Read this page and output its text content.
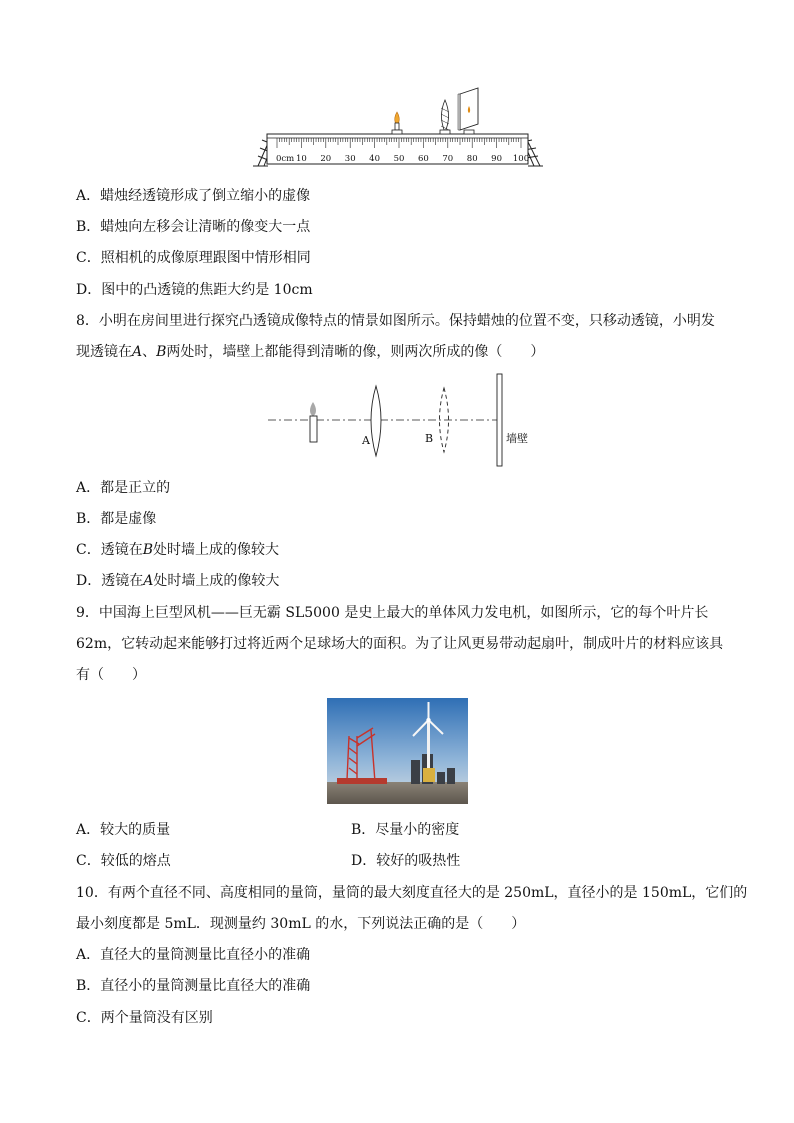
0cm 10 20 30 40 50 60 70 80 90 100
A．蜡烛经透镜形成了倒立缩小的虚像
B．蜡烛向左移会让清晰的像变大一点
C．照相机的成像原理跟图中情形相同
D．图中的凸透镜的焦距大约是 10cm
8．小明在房间里进行探究凸透镜成像特点的情景如图所示。保持蜡烛的位置不变，只移动透镜，小明发
现透镜在A、B两处时，墙壁上都能得到清晰的像，则两次所成的像（　　）
A	B	墙壁
A．都是正立的
B．都是虚像
C．透镜在B处时墙上成的像较大
D．透镜在A处时墙上成的像较大
9．中国海上巨型风机——巨无霸 SL5000 是史上最大的单体风力发电机，如图所示，它的每个叶片长
62m，它转动起来能够打过将近两个足球场大的面积。为了让风更易带动起扇叶，制成叶片的材料应该具
有（　　）
A．较大的质量	B．尽量小的密度
C．较低的熔点	D．较好的吸热性
10．有两个直径不同、高度相同的量筒，量筒的最大刻度直径大的是 250mL，直径小的是 150mL，它们的
最小刻度都是 5mL．现测量约 30mL 的水，下列说法正确的是（　　）
A．直径大的量筒测量比直径小的准确
B．直径小的量筒测量比直径大的准确
C．两个量筒没有区别
